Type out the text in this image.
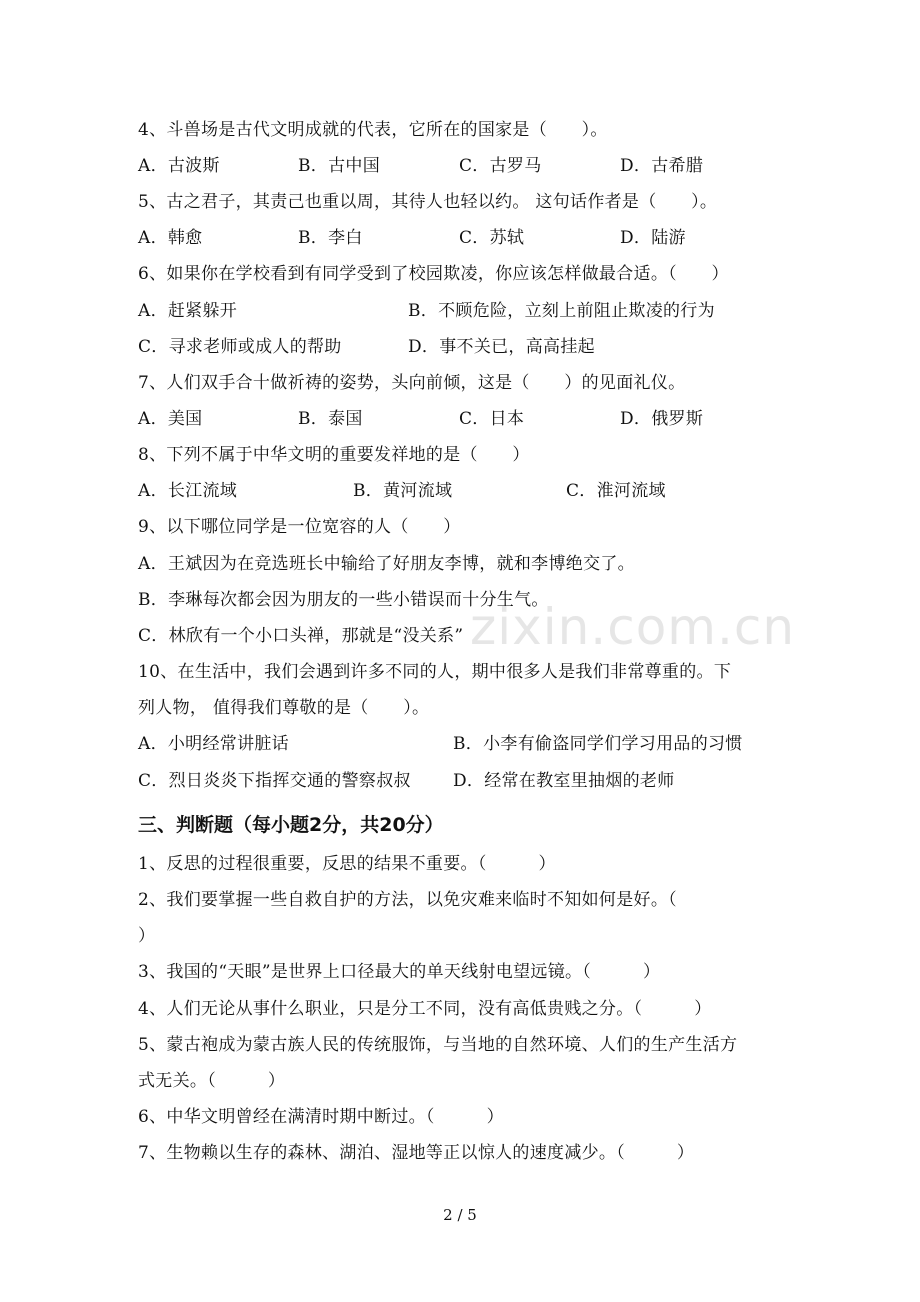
zixin.com.cn
4、斗兽场是古代文明成就的代表，它所在的国家是（　　）。
A．古波斯	B．古中国	C．古罗马	D．古希腊
5、古之君子，其责己也重以周，其待人也轻以约。 这句话作者是（　　）。
A．韩愈	B．李白	C．苏轼	D．陆游
6、如果你在学校看到有同学受到了校园欺凌，你应该怎样做最合适。（　　）
A．赶紧躲开	B．不顾危险，立刻上前阻止欺凌的行为
C．寻求老师或成人的帮助	D．事不关已，高高挂起
7、人们双手合十做祈祷的姿势，头向前倾，这是（　　）的见面礼仪。
A．美国	B．泰国	C．日本	D．俄罗斯
8、下列不属于中华文明的重要发祥地的是（　　）
A．长江流域	B．黄河流域	C．淮河流域
9、以下哪位同学是一位宽容的人（　　）
A．王斌因为在竞选班长中输给了好朋友李博，就和李博绝交了。
B．李琳每次都会因为朋友的一些小错误而十分生气。
C．林欣有一个小口头禅，那就是“没关系”
10、在生活中，我们会遇到许多不同的人，期中很多人是我们非常尊重的。下
列人物， 值得我们尊敬的是（　　）。
A．小明经常讲脏话	B．小李有偷盗同学们学习用品的习惯
C．烈日炎炎下指挥交通的警察叔叔 D．经常在教室里抽烟的老师
三、判断题（每小题2分，共20分）
1、反思的过程很重要，反思的结果不重要。（　　　）
2、我们要掌握一些自救自护的方法，以免灾难来临时不知如何是好。（
）
3、我国的“天眼”是世界上口径最大的单天线射电望远镜。（　　　）
4、人们无论从事什么职业，只是分工不同，没有高低贵贱之分。（　　　）
5、蒙古袍成为蒙古族人民的传统服饰，与当地的自然环境、人们的生产生活方
式无关。（　　　）
6、中华文明曾经在满清时期中断过。（　　　）
7、生物赖以生存的森林、湖泊、湿地等正以惊人的速度减少。（　　　）
2 / 5
